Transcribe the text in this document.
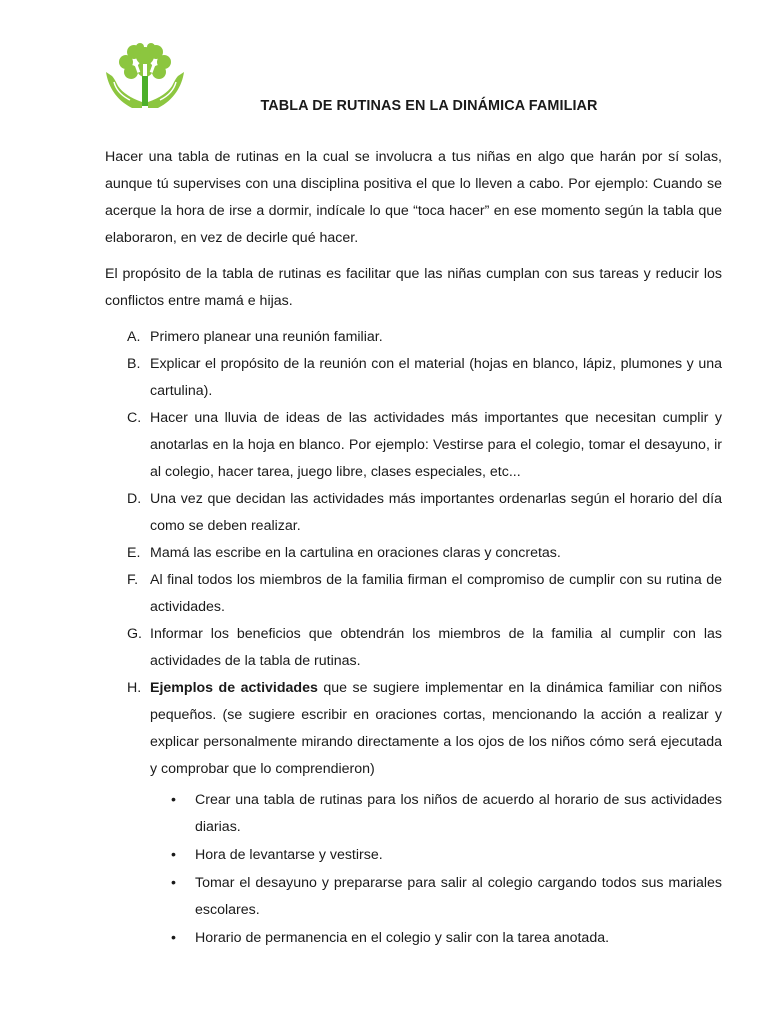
TABLA DE RUTINAS EN LA DINÁMICA FAMILIAR

Hacer una tabla de rutinas en la cual se involucra a tus niñas en algo que harán por sí solas, aunque tú supervises con una disciplina positiva el que lo lleven a cabo. Por ejemplo: Cuando se acerque la hora de irse a dormir, indícale lo que “toca hacer” en ese momento según la tabla que elaboraron, en vez de decirle qué hacer.

El propósito de la tabla de rutinas es facilitar que las niñas cumplan con sus tareas y reducir los conflictos entre mamá e hijas.

A. Primero planear una reunión familiar.
B. Explicar el propósito de la reunión con el material (hojas en blanco, lápiz, plumones y una cartulina).
C. Hacer una lluvia de ideas de las actividades más importantes que necesitan cumplir y anotarlas en la hoja en blanco. Por ejemplo: Vestirse para el colegio, tomar el desayuno, ir al colegio, hacer tarea, juego libre, clases especiales, etc...
D. Una vez que decidan las actividades más importantes ordenarlas según el horario del día como se deben realizar.
E. Mamá las escribe en la cartulina en oraciones claras y concretas.
F. Al final todos los miembros de la familia firman el compromiso de cumplir con su rutina de actividades.
G. Informar los beneficios que obtendrán los miembros de la familia al cumplir con las actividades de la tabla de rutinas.
H. Ejemplos de actividades que se sugiere implementar en la dinámica familiar con niños pequeños. (se sugiere escribir en oraciones cortas, mencionando la acción a realizar y explicar personalmente mirando directamente a los ojos de los niños cómo será ejecutada y comprobar que lo comprendieron)
• Crear una tabla de rutinas para los niños de acuerdo al horario de sus actividades diarias.
• Hora de levantarse y vestirse.
• Tomar el desayuno y prepararse para salir al colegio cargando todos sus mariales escolares.
• Horario de permanencia en el colegio y salir con la tarea anotada.
